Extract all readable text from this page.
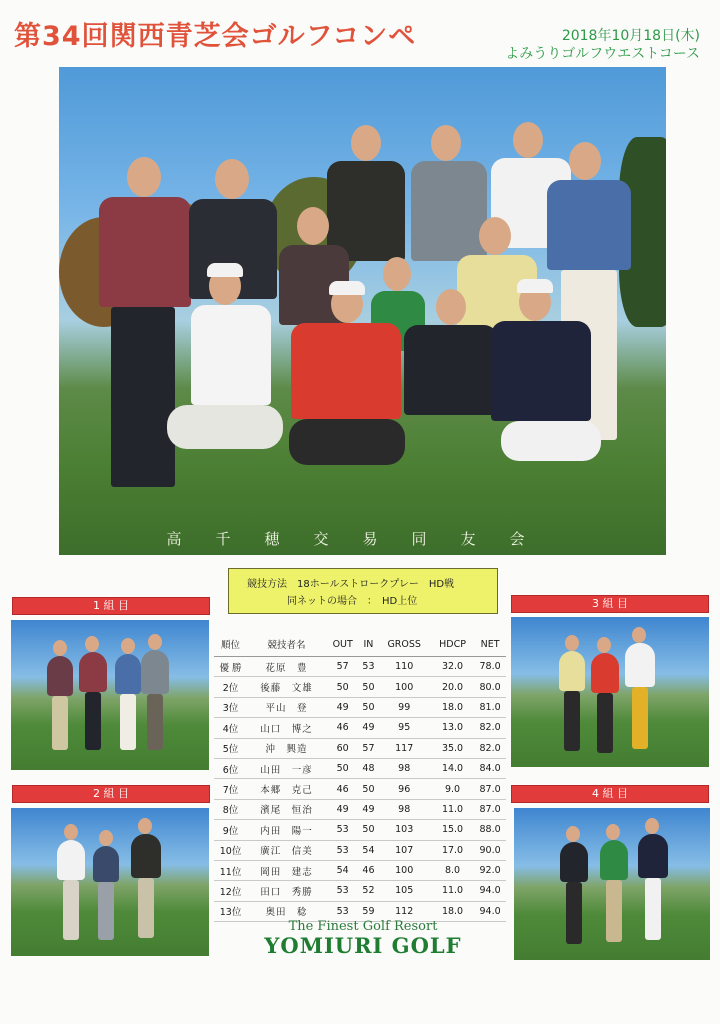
第34回関西青芝会ゴルフコンペ	2018年10月18日(木)
よみうりゴルフウエストコース
高千穂交易同友会
競技方法　18ホールストロークプレー　HD戦
同ネットの場合　：　HD上位
1 組 目
2 組 目
3 組 目
4 組 目
順位	競技者名	OUT	IN	GROSS	HDCP	NET
優 勝	花原　豊	57	53	110	32.0	78.0
2位	後藤　文雄	50	50	100	20.0	80.0
3位	平山　登	49	50	99	18.0	81.0
4位	山口　博之	46	49	95	13.0	82.0
5位	沖　興造	60	57	117	35.0	82.0
6位	山田　一彦	50	48	98	14.0	84.0
7位	本郷　克己	46	50	96	9.0	87.0
8位	濱尾　恒治	49	49	98	11.0	87.0
9位	内田　陽一	53	50	103	15.0	88.0
10位	廣江　信美	53	54	107	17.0	90.0
11位	岡田　建志	54	46	100	8.0	92.0
12位	田口　秀勝	53	52	105	11.0	94.0
13位	奥田　稔	53	59	112	18.0	94.0
The Finest Golf Resort
YOMIURI GOLF
